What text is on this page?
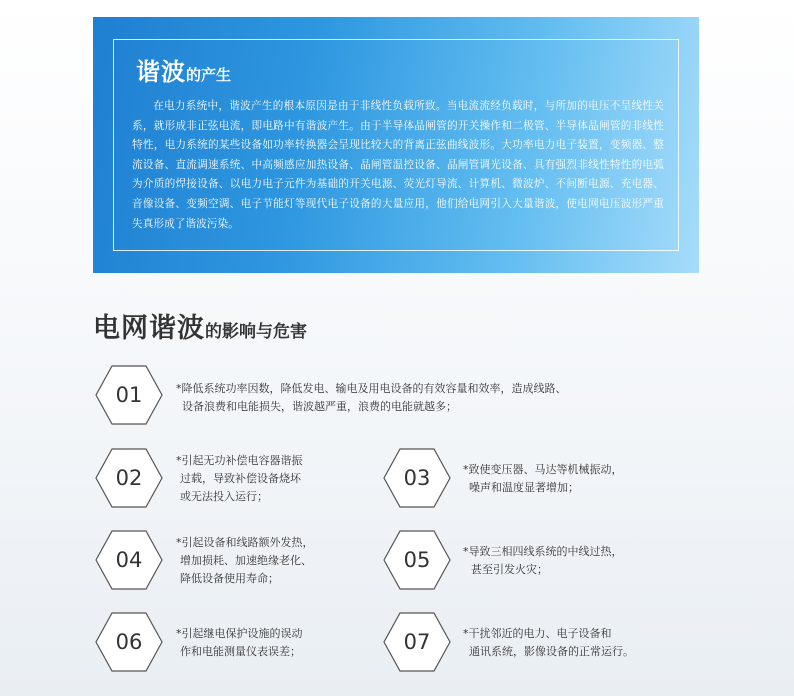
谐波的产生
在电力系统中，谐波产生的根本原因是由于非线性负载所致。当电流流经负载时，与所加的电压不呈线性关系，就形成非正弦电流，即电路中有谐波产生。由于半导体晶闸管的开关操作和二极管、半导体晶闸管的非线性特性，电力系统的某些设备如功率转换器会呈现比较大的背离正弦曲线波形。大功率电力电子装置，变频器、整流设备、直流调速系统、中高频感应加热设备、晶闸管温控设备、晶闸管调光设备、具有强烈非线性特性的电弧为介质的焊接设备、以电力电子元件为基础的开关电源、荧光灯导流、计算机、微波炉、不间断电源、充电器、音像设备、变频空调、电子节能灯等现代电子设备的大量应用，他们给电网引入大量谐波，使电网电压波形严重失真形成了谐波污染。
电网谐波的影响与危害
01	*降低系统功率因数，降低发电、输电及用电设备的有效容量和效率，造成线路、
设备浪费和电能损失，谐波越严重，浪费的电能就越多；
02
*引起无功补偿电容器谐振
过载，导致补偿设备烧坏
或无法投入运行；
03	*致使变压器、马达等机械振动，
噪声和温度显著增加；
04
*引起设备和线路额外发热，
增加损耗、加速绝缘老化、
降低设备使用寿命；
05	*导致三相四线系统的中线过热，
甚至引发火灾；
06	*引起继电保护设施的误动
作和电能测量仪表误差；	07	*干扰邻近的电力、电子设备和
通讯系统，影像设备的正常运行。
